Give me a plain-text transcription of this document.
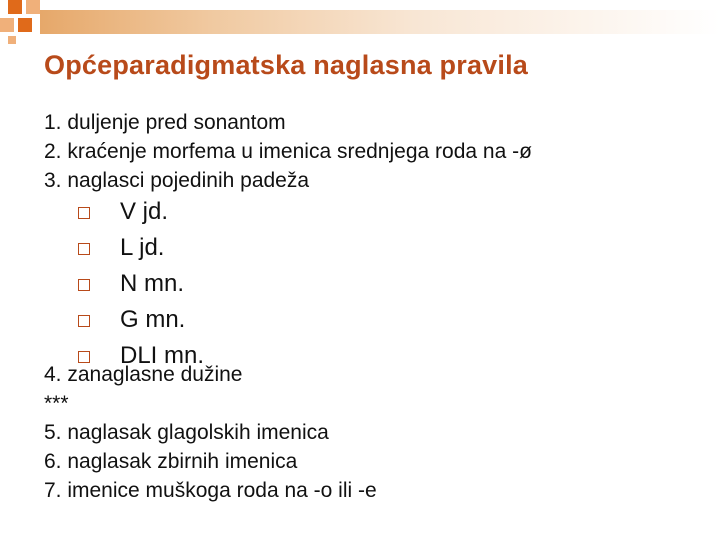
Općeparadigmatska naglasna pravila
1. duljenje pred sonantom
2. kraćenje morfema u imenica srednjega roda na -ø
3. naglasci pojedinih padeža
V jd.
L jd.
N mn.
G mn.
DLI mn.
4. zanaglasne dužine
***
5. naglasak glagolskih imenica
6. naglasak zbirnih imenica
7. imenice muškoga roda na -o ili -e
